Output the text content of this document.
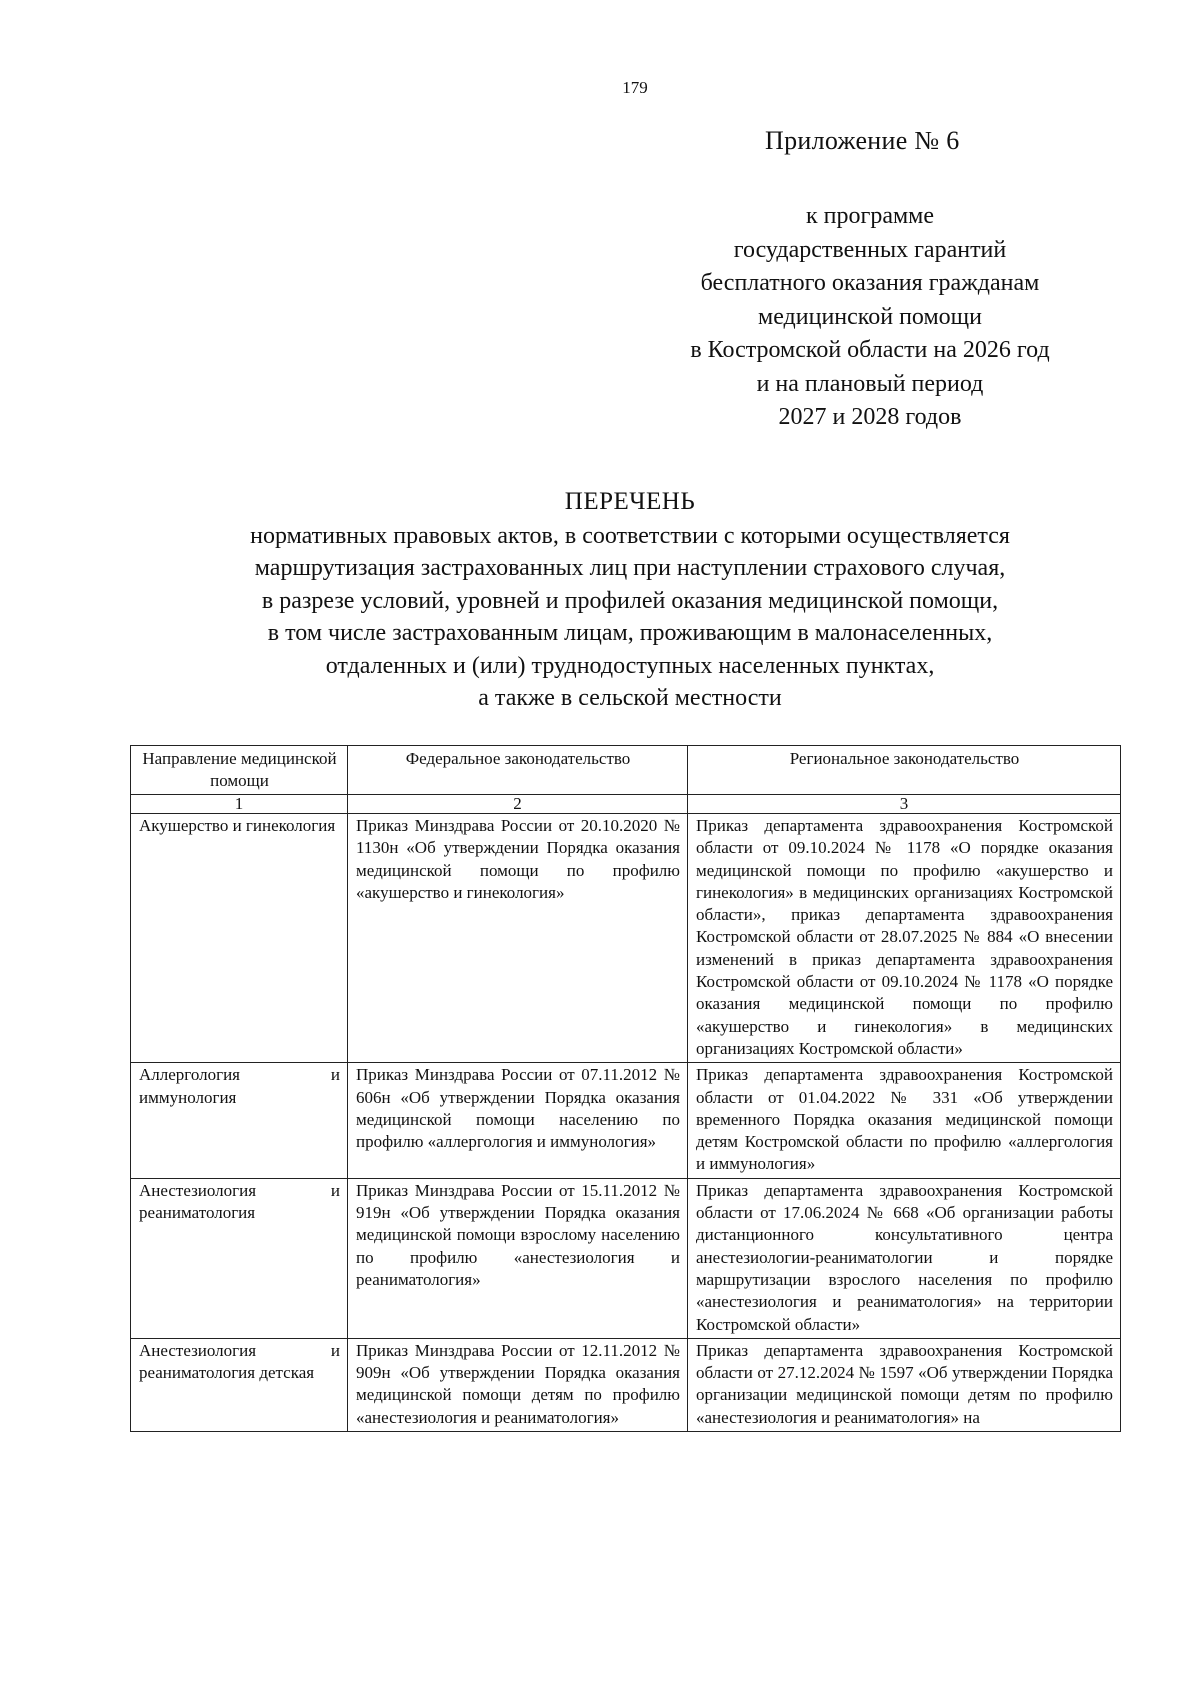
179
Приложение № 6
к программе
государственных гарантий
бесплатного оказания гражданам
медицинской помощи
в Костромской области на 2026 год
и на плановый период
2027 и 2028 годов
ПЕРЕЧЕНЬ
нормативных правовых актов, в соответствии с которыми осуществляется
маршрутизация застрахованных лиц при наступлении страхового случая,
в разрезе условий, уровней и профилей оказания медицинской помощи,
в том числе застрахованным лицам, проживающим в малонаселенных,
отдаленных и (или) труднодоступных населенных пунктах,
а также в сельской местности
Направление медицинской помощи	Федеральное законодательство	Региональное законодательство
1	2	3
Акушерство и гинекология	Приказ Минздрава России от 20.10.2020 № 1130н «Об утверждении Порядка оказания медицинской помощи по профилю «акушерство и гинекология»	Приказ департамента здравоохранения Костромской области от 09.10.2024 № 1178 «О порядке оказания медицинской помощи по профилю «акушерство и гинекология» в медицинских организациях Костромской области», приказ департамента здравоохранения Костромской области от 28.07.2025 № 884 «О внесении изменений в приказ департамента здравоохранения Костромской области от 09.10.2024 № 1178 «О порядке оказания медицинской помощи по профилю «акушерство и гинекология» в медицинских организациях Костромской области»
Аллергология и иммунология	Приказ Минздрава России от 07.11.2012 № 606н «Об утверждении Порядка оказания медицинской помощи населению по профилю «аллергология и иммунология»	Приказ департамента здравоохранения Костромской области от 01.04.2022 № 331 «Об утверждении временного Порядка оказания медицинской помощи детям Костромской области по профилю «аллергология и иммунология»
Анестезиология и реаниматология	Приказ Минздрава России от 15.11.2012 № 919н «Об утверждении Порядка оказания медицинской помощи взрослому населению по профилю «анестезиология и реаниматология»	Приказ департамента здравоохранения Костромской области от 17.06.2024 № 668 «Об организации работы дистанционного консультативного центра анестезиологии-реаниматологии и порядке маршрутизации взрослого населения по профилю «анестезиология и реаниматология» на территории Костромской области»
Анестезиология и реаниматология детская	Приказ Минздрава России от 12.11.2012 № 909н «Об утверждении Порядка оказания медицинской помощи детям по профилю «анестезиология и реаниматология»	Приказ департамента здравоохранения Костромской области от 27.12.2024 № 1597 «Об утверждении Порядка организации медицинской помощи детям по профилю «анестезиология и реаниматология» на
